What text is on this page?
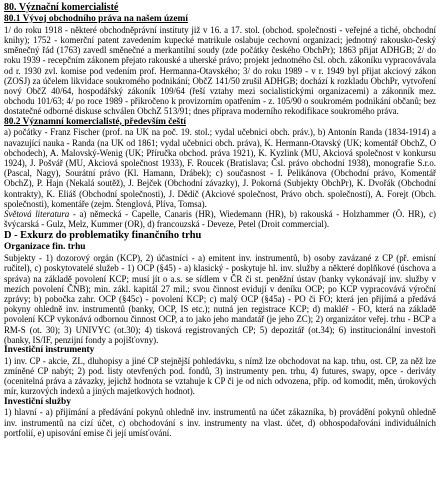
80. Význační komercialisté
80.1 Vývoj obchodního práva na našem území
1/ do roku 1918 - některé obchodněprávní instituty již v 16. a 17. stol. (obchod. společnosti - veřejné a tiché, obchodní knihy); 1752 - komerční patent zavedením kupecké matrikule oslabuje cechovní organizaci; jednotný rakousko-český směnečný řád (1763) zavedl směnečné a merkantilní soudy (zde počátky českého ObchPr); 1863 přijat ADHGB; 2/ do roku 1939 - recepčním zákonem přejato rakouské a uherské právo; projekt jednotného čsl. obch. zákoníku vypracovávala od r. 1930 zvl. komise pod vedením prof. Hermanna-Otavského; 3/ do roku 1989 - v r. 1949 byl přijat akciový zákon (ZOSJ) za účelem likvidace soukromého podnikání; ObčZ 141/50 zrušil ADHGB; dochází k rozkladu ObchPr, vytvoření nový ObčZ 40/64, hospodářský zákoník 109/64 (řeší vztahy mezi socialistickými organizacemi) a zákonník mez. obchodu 101/63; 4/ po roce 1989 - přikročeno k provizorním opatřením - z. 105/90 o soukromém podnikání občanů; bez dostatečné odborné diskuse schválen ObchZ 513/91; dnes příprava moderního rekodifikace soukromého práva.
80.2 Významní komercialisté, především čeští
a) počátky - Franz Fischer (prof. na UK na poč. 19. stol.; vydal učebnici obch. práv.), b) Antonín Randa (1834-1914) a navazující nauka - Randa (na UK od 1861; vydal učebnici obch. práva), K. Hermann-Otavský (UK; komentář ObchZ, O obchodech), A. Malovský-Wenig (UK; Příručka obchod. práva 1921), K. Kyzlink (MU, Akciová společnost v konkursu 1924), J. Pošvář (MU, Akciová společnost 1933), F. Roucek (Bratislava; Čsl. právo obchodní 1938), monografie S.r.o. (Pascal, Nagy), Sourátní právo (Kl. Hamann, Drábek); c) současnost - I. Pelikánova (Obchodní právo, Komentář ObchZ), P. Hajn (Nekalá soutěž), J. Bejček (Obchodní závazky), J. Pokorná (Subjekty ObchPr), K. Dvořák (Obchodní kontrakty), K. Eliáš (Obchodní společnosti), J. Dědič (Akciové společnost, Právo obch. společností), A. Forejt (Obch. společnosti), komentáře (zejm. Štenglová, Plíva, Tomsa).
Světová literatura - a) německá - Capelle, Canaris (HR), Wiedemann (HR), b) rakouská - Holzhammer (Ö. HR), c) švýcarská - Gulz, Melz, Kummer (OR), d) francouzská - Deveze, Petel (Droit commercial).
D - Exkurz do problematiky finančního trhu
Organizace fin. trhu
Subjekty - 1) dozorový orgán (KCP), 2) účastníci - a) emitent inv. instrumentů, b) osoby zavázané z CP (př. emisní ručitel), c) poskytovatelé služeb - 1) OCP (§45) - a) klasický - poskytuje hl. inv. služby a některé doplňkové (úschova a správa) na základě povolení KCP; musí jít o a.s. se sídlem v ČR či st. peněžní ústav (banky vykonávají inv. služby v mezích povolení ČNB); min. zákl. kapitál 27 mil.; svou činnost evidují v deníku OCP; po KCP vypracovává výroční zprávy; b) pobočka zahr. OCP (§45c) - povolení KCP; c) malý OCP (§45a) - PO či FO; která jen přijímá a předává pokyny ohledně inv. instrumentů (banky, OCP, IS etc.); nutná jen registrace KCP; d) makléř - FO, která na základě povolení KCP vykonává odbornou činnost OCP, a to jako jeho mandatář (je jeho ZC); 2) organizátor veřej. trhu - BCP a RM-S (ot. 30); 3) UNIVYC (ot.30); 4) tisková registrovaných CP; 5) depozitář (ot.34); 6) institucionální investoři (banky, IS/IF, penzijní fondy a pojišťovny).
Investiční instrumenty
1) inv. CP - akcie, ZL, dluhopisy a jiné CP stejnější pohledávku, s nímž lze obchodovat na kap. trhu, ost. CP, za něž lze zmíněné CP nabýt; 2) pod. listy otevřených pod. fondů, 3) instrumenty pen. trhu, 4) futures, swapy, opce - deriváty (ocenitelná práva a závazky, jejichž hodnota se vztahuje k CP či je od nich odvozena, příp. od komodit, měn, úrokových mír, kurzových indexů a jiných majetkových hodnot).
Investiční služby
1) hlavní - a) přijímání a předávání pokynů ohledně inv. instrumentů na účet zákazníka, b) provádění pokynů ohledně inv. instrumentů na cizí účet, c) obchodování s inv. instrumenty na vlast. účet, d) obhospodařování individuálních portfolií, e) upisování emise či její umísťování.
